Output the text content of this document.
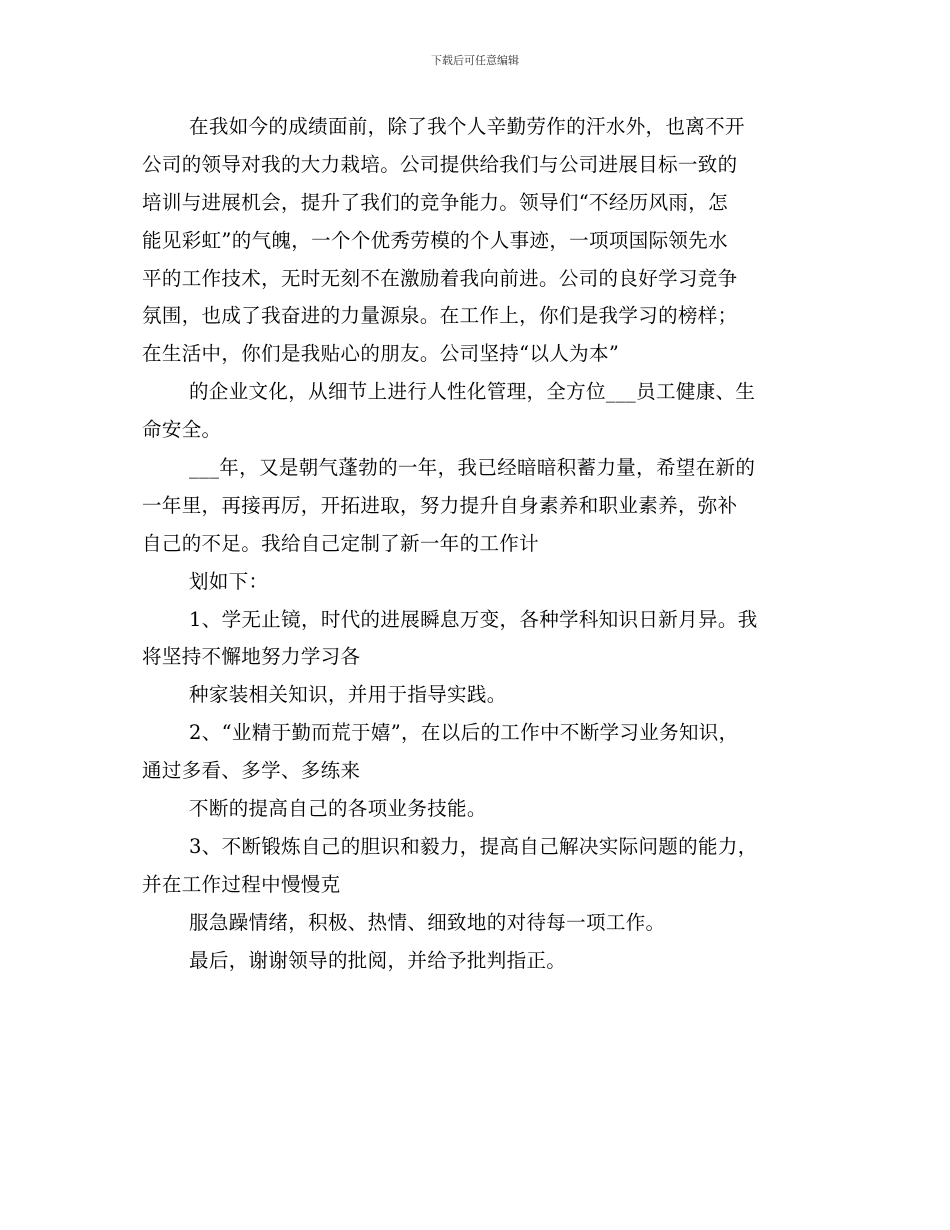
下载后可任意编辑
在我如今的成绩面前，除了我个人辛勤劳作的汗水外，也离不开
公司的领导对我的大力栽培。公司提供给我们与公司进展目标一致的
培训与进展机会，提升了我们的竞争能力。领导们“不经历风雨，怎
能见彩虹”的气魄，一个个优秀劳模的个人事迹，一项项国际领先水
平的工作技术，无时无刻不在激励着我向前进。公司的良好学习竞争
氛围，也成了我奋进的力量源泉。在工作上，你们是我学习的榜样；
在生活中，你们是我贴心的朋友。公司坚持“以人为本”
的企业文化，从细节上进行人性化管理，全方位___员工健康、生
命安全。
___年，又是朝气蓬勃的一年，我已经暗暗积蓄力量，希望在新的
一年里，再接再厉，开拓进取，努力提升自身素养和职业素养，弥补
自己的不足。我给自己定制了新一年的工作计
划如下：
1、学无止镜，时代的进展瞬息万变，各种学科知识日新月异。我
将坚持不懈地努力学习各
种家装相关知识，并用于指导实践。
2、“业精于勤而荒于嬉”，在以后的工作中不断学习业务知识，
通过多看、多学、多练来
不断的提高自己的各项业务技能。
3、不断锻炼自己的胆识和毅力，提高自己解决实际问题的能力，
并在工作过程中慢慢克
服急躁情绪，积极、热情、细致地的对待每一项工作。
最后，谢谢领导的批阅，并给予批判指正。
